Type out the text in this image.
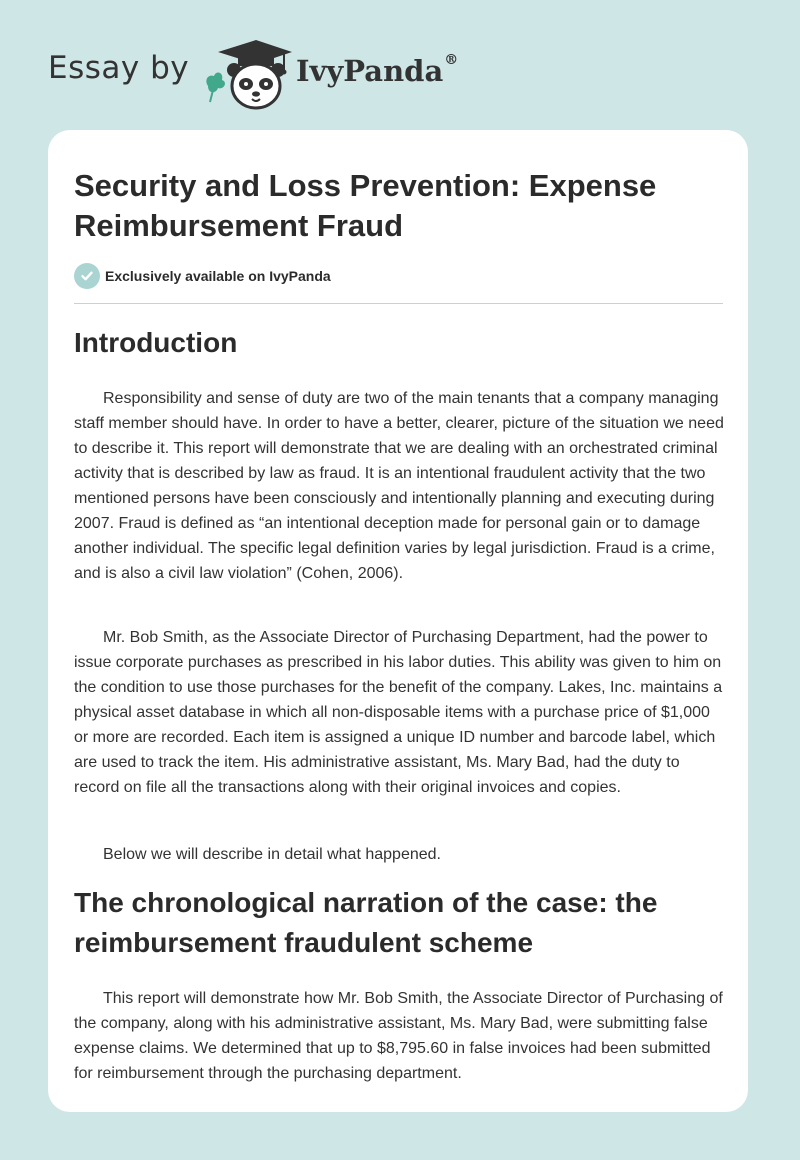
Essay by	IvyPanda®
Security and Loss Prevention: Expense Reimbursement Fraud
Exclusively available on IvyPanda
Introduction

Responsibility and sense of duty are two of the main tenants that a company managing staff member should have. In order to have a better, clearer, picture of the situation we need to describe it. This report will demonstrate that we are dealing with an orchestrated criminal activity that is described by law as fraud. It is an intentional fraudulent activity that the two mentioned persons have been consciously and intentionally planning and executing during 2007. Fraud is defined as “an intentional deception made for personal gain or to damage another individual. The specific legal definition varies by legal jurisdiction. Fraud is a crime, and is also a civil law violation” (Cohen, 2006).

Mr. Bob Smith, as the Associate Director of Purchasing Department, had the power to issue corporate purchases as prescribed in his labor duties. This ability was given to him on the condition to use those purchases for the benefit of the company. Lakes, Inc. maintains a physical asset database in which all non-disposable items with a purchase price of $1,000 or more are recorded. Each item is assigned a unique ID number and barcode label, which are used to track the item. His administrative assistant, Ms. Mary Bad, had the duty to record on file all the transactions along with their original invoices and copies.

Below we will describe in detail what happened.

The chronological narration of the case: the reimbursement fraudulent scheme

This report will demonstrate how Mr. Bob Smith, the Associate Director of Purchasing of the company, along with his administrative assistant, Ms. Mary Bad, were submitting false expense claims. We determined that up to $8,795.60 in false invoices had been submitted for reimbursement through the purchasing department.
